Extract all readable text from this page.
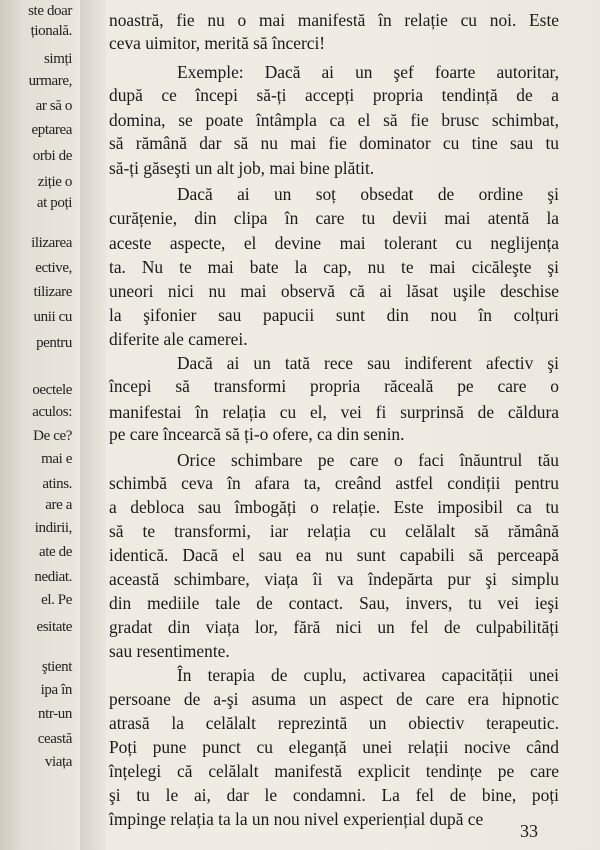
ste doar
țională.
simți
urmare,
ar să o
eptarea
orbi de
ziție o
at poți
ilizarea
ective,
tilizare
unii cu
pentru
oectele
aculos:
De ce?
mai e
atins.
are a
indirii,
ate de
nediat.
el. Pe
esitate
ştient
ipa în
ntr-un
ceastă
viața
noastră, fie nu o mai manifestă în relație cu noi. Este
ceva uimitor, merită să încerci!
Exemple: Dacă ai un şef foarte autoritar,
după ce începi să-ți accepți propria tendință de a
domina, se poate întâmpla ca el să fie brusc schimbat,
să rămână dar să nu mai fie dominator cu tine sau tu
să-ți găseşti un alt job, mai bine plătit.
Dacă ai un soț obsedat de ordine şi
curățenie, din clipa în care tu devii mai atentă la
aceste aspecte, el devine mai tolerant cu neglijența
ta. Nu te mai bate la cap, nu te mai cicăleşte şi
uneori nici nu mai observă că ai lăsat uşile deschise
la şifonier sau papucii sunt din nou în colțuri
diferite ale camerei.
Dacă ai un tată rece sau indiferent afectiv şi
începi să transformi propria răceală pe care o
manifestai în relația cu el, vei fi surprinsă de căldura
pe care încearcă să ți-o ofere, ca din senin.
Orice schimbare pe care o faci înăuntrul tău
schimbă ceva în afara ta, creând astfel condiții pentru
a debloca sau îmbogăți o relație. Este imposibil ca tu
să te transformi, iar relația cu celălalt să rămână
identică. Dacă el sau ea nu sunt capabili să perceapă
această schimbare, viața îi va îndepărta pur şi simplu
din mediile tale de contact. Sau, invers, tu vei ieşi
gradat din viața lor, fără nici un fel de culpabilități
sau resentimente.
În terapia de cuplu, activarea capacității unei
persoane de a-şi asuma un aspect de care era hipnotic
atrasă la celălalt reprezintă un obiectiv terapeutic.
Poți pune punct cu eleganță unei relații nocive când
înțelegi că celălalt manifestă explicit tendințe pe care
şi tu le ai, dar le condamni. La fel de bine, poți
împinge relația ta la un nou nivel experiențial după ce
33
